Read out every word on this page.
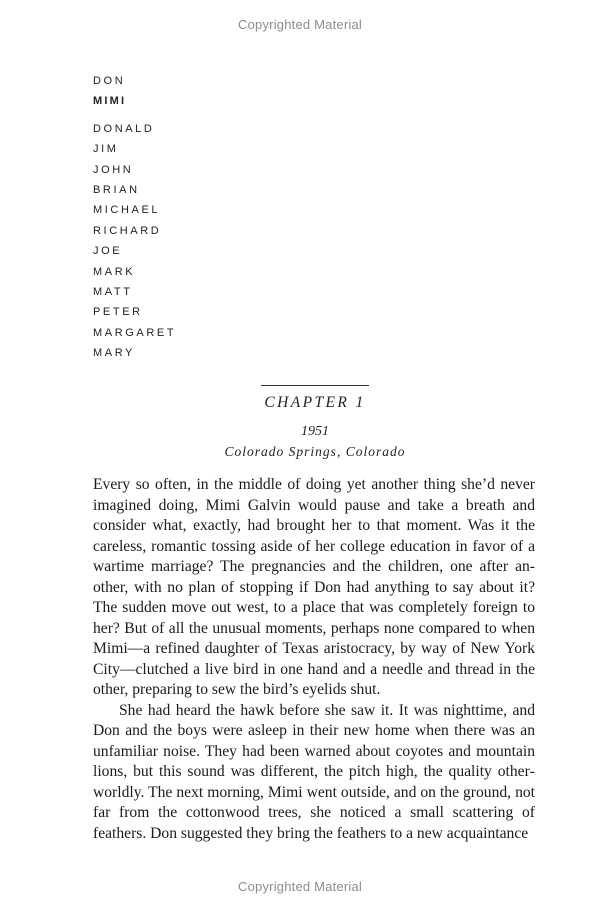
Copyrighted Material
DON
MIMI
DONALD
JIM
JOHN
BRIAN
MICHAEL
RICHARD
JOE
MARK
MATT
PETER
MARGARET
MARY
CHAPTER 1
1951
Colorado Springs, Colorado

Every so often, in the middle of doing yet another thing she’d never imagined doing, Mimi Galvin would pause and take a breath and consider what, exactly, had brought her to that moment. Was it the careless, romantic tossing aside of her college education in favor of a wartime marriage? The pregnancies and the children, one after another, with no plan of stopping if Don had anything to say about it? The sudden move out west, to a place that was completely foreign to her? But of all the unusual moments, perhaps none compared to when Mimi—a refined daughter of Texas aristocracy, by way of New York City—clutched a live bird in one hand and a needle and thread in the other, preparing to sew the bird’s eyelids shut.

She had heard the hawk before she saw it. It was nighttime, and Don and the boys were asleep in their new home when there was an unfamiliar noise. They had been warned about coyotes and mountain lions, but this sound was different, the pitch high, the quality otherworldly. The next morning, Mimi went outside, and on the ground, not far from the cottonwood trees, she noticed a small scattering of feathers. Don suggested they bring the feathers to a new acquaintance

Copyrighted Material
